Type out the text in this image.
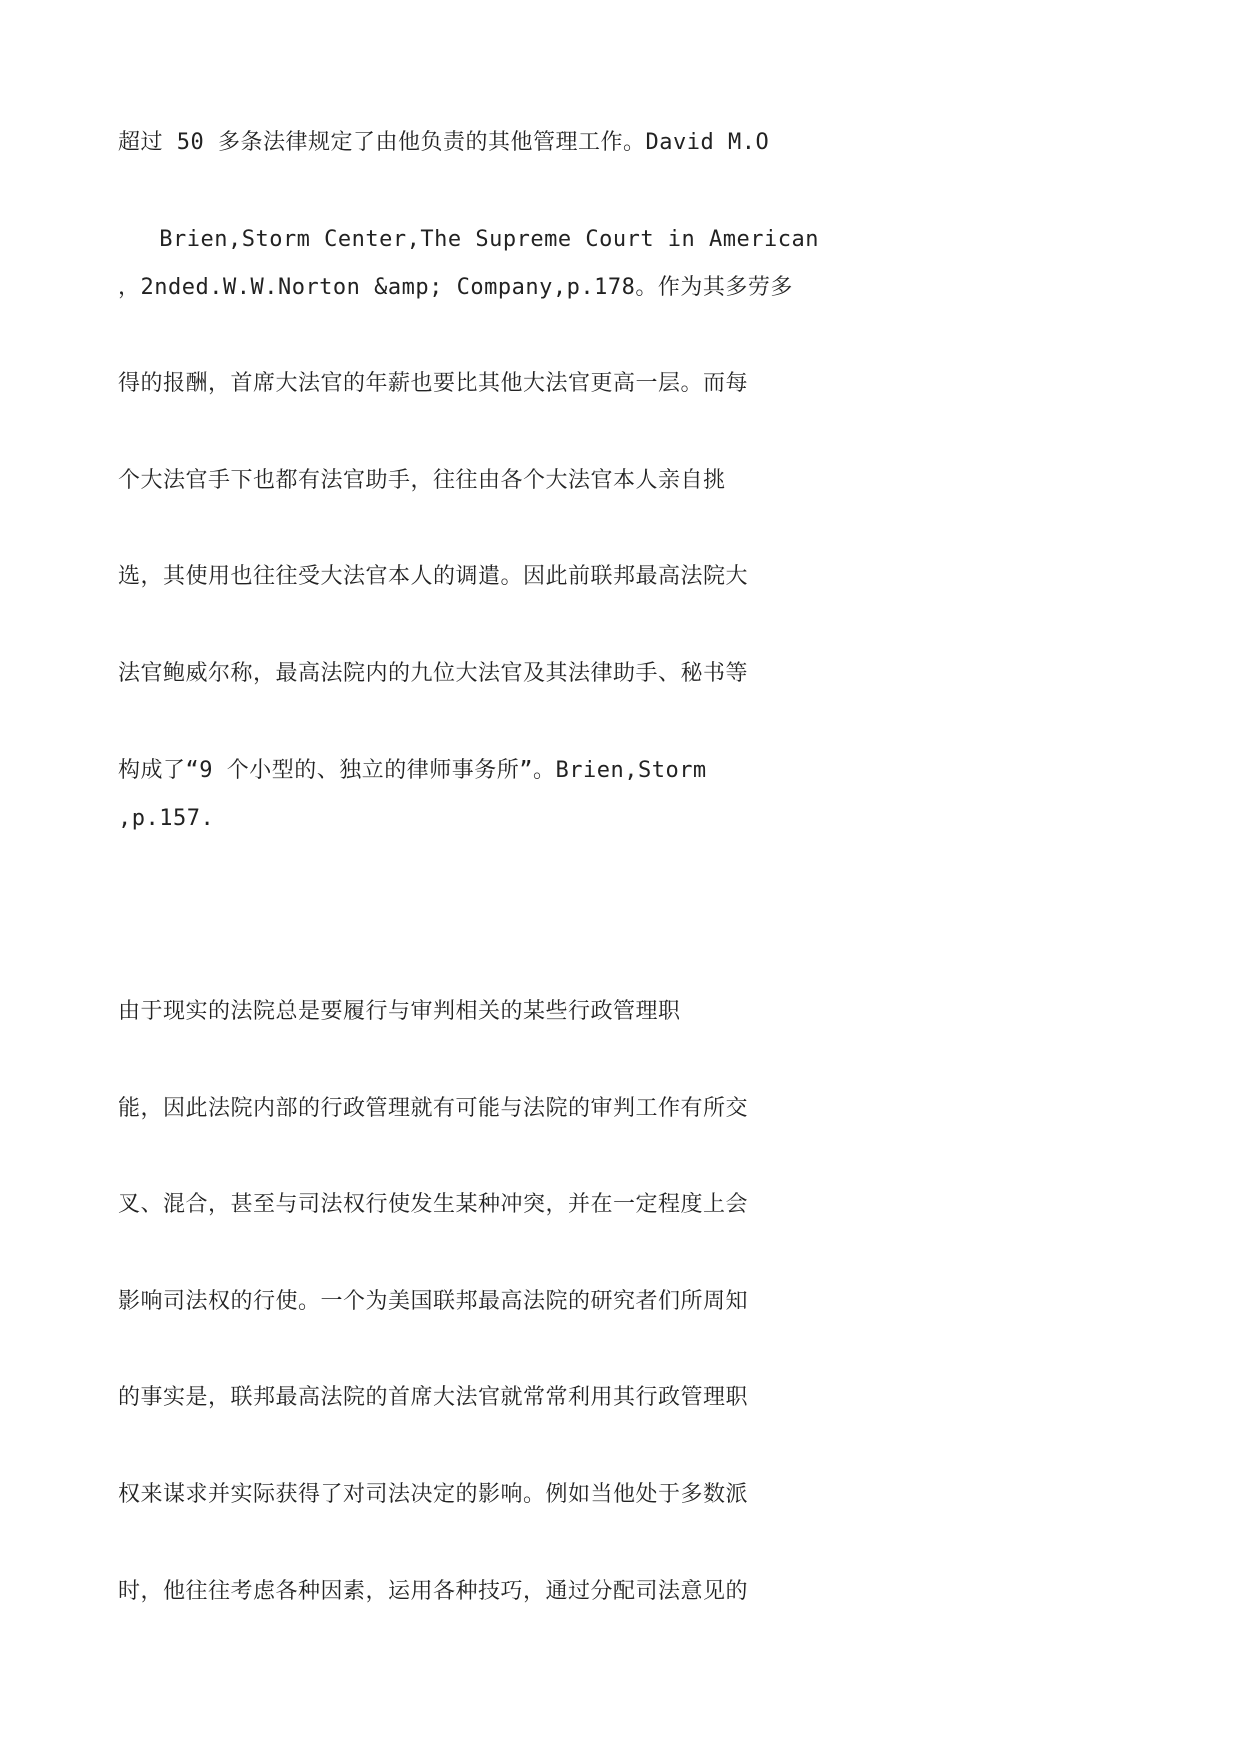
超过 50 多条法律规定了由他负责的其他管理工作。David M.O
Brien,Storm Center,The Supreme Court in American
，2nded.W.W.Norton &amp; Company,p.178。作为其多劳多
得的报酬，首席大法官的年薪也要比其他大法官更高一层。而每
个大法官手下也都有法官助手，往往由各个大法官本人亲自挑
选，其使用也往往受大法官本人的调遣。因此前联邦最高法院大
法官鲍威尔称，最高法院内的九位大法官及其法律助手、秘书等
构成了“9 个小型的、独立的律师事务所”。Brien,Storm
,p.157.
由于现实的法院总是要履行与审判相关的某些行政管理职
能，因此法院内部的行政管理就有可能与法院的审判工作有所交
叉、混合，甚至与司法权行使发生某种冲突，并在一定程度上会
影响司法权的行使。一个为美国联邦最高法院的研究者们所周知
的事实是，联邦最高法院的首席大法官就常常利用其行政管理职
权来谋求并实际获得了对司法决定的影响。例如当他处于多数派
时，他往往考虑各种因素，运用各种技巧，通过分配司法意见的
